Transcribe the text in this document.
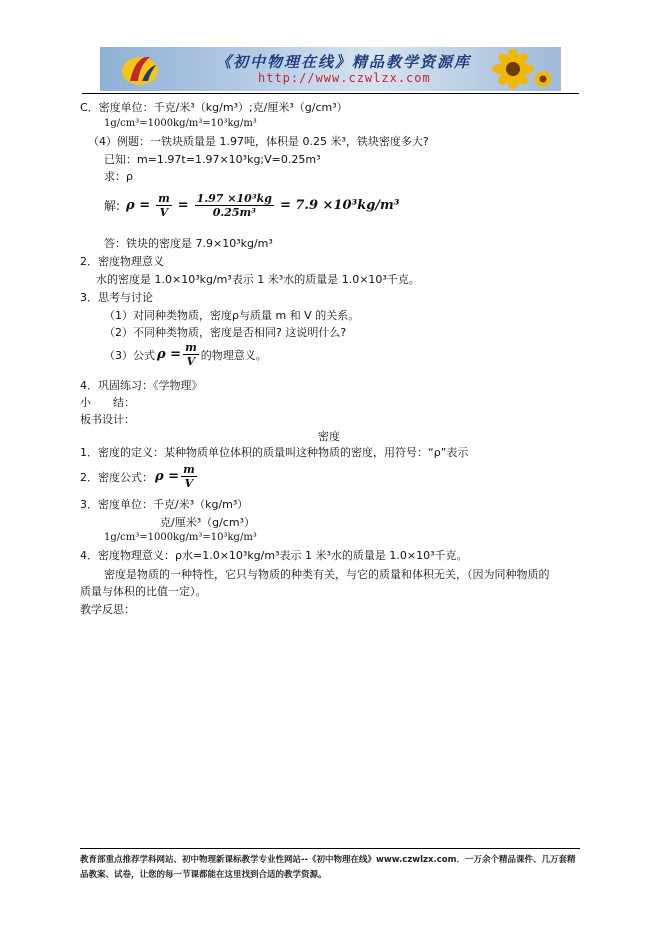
《初中物理在线》精品教学资源库
http://www.czwlzx.com
C．密度单位：千克/米³（kg/m³）;克/厘米³（g/cm³）
1g/cm³=1000kg/m³=10³kg/m³
（4）例题：一铁块质量是 1.97吨，体积是 0.25 米³，铁块密度多大?
已知：m=1.97t=1.97×10³kg;V=0.25m³
求：ρ
解: $\rho = \frac{m}{V} = \frac{\text{1.97 ×10³kg}}{\text{0.25m³}} = 7.9 \times 10^3kg/m^3$
答：铁块的密度是 7.9×10³kg/m³
2．密度物理意义
水的密度是 1.0×10³kg/m³表示 1 米³水的质量是 1.0×10³千克。
3．思考与讨论
（1）对同种类物质，密度ρ与质量 m 和 V 的关系。
（2）不同种类物质，密度是否相同? 这说明什么?
（3）公式 $\rho = \frac{m}{V}$ 的物理意义。
4．巩固练习：《学物理》
小　　结：
板书设计：
密度
1．密度的定义：某种物质单位体积的质量叫这种物质的密度，用符号：“ρ”表示
2．密度公式： $\rho = \frac{m}{V}$
3．密度单位：千克/米³（kg/m³）
克/厘米³（g/cm³）
1g/cm³=1000kg/m³=10³kg/m³
4．密度物理意义：ρ水=1.0×10³kg/m³表示 1 米³水的质量是 1.0×10³千克。
密度是物质的一种特性，它只与物质的种类有关，与它的质量和体积无关，（因为同种物质的
质量与体积的比值一定）。
教学反思：
教育部重点推荐学科网站、初中物理新课标教学专业性网站--《初中物理在线》www.czwlzx.com．一万余个精品课件、几万套精品教案、试卷，让您的每一节课都能在这里找到合适的教学资源。
